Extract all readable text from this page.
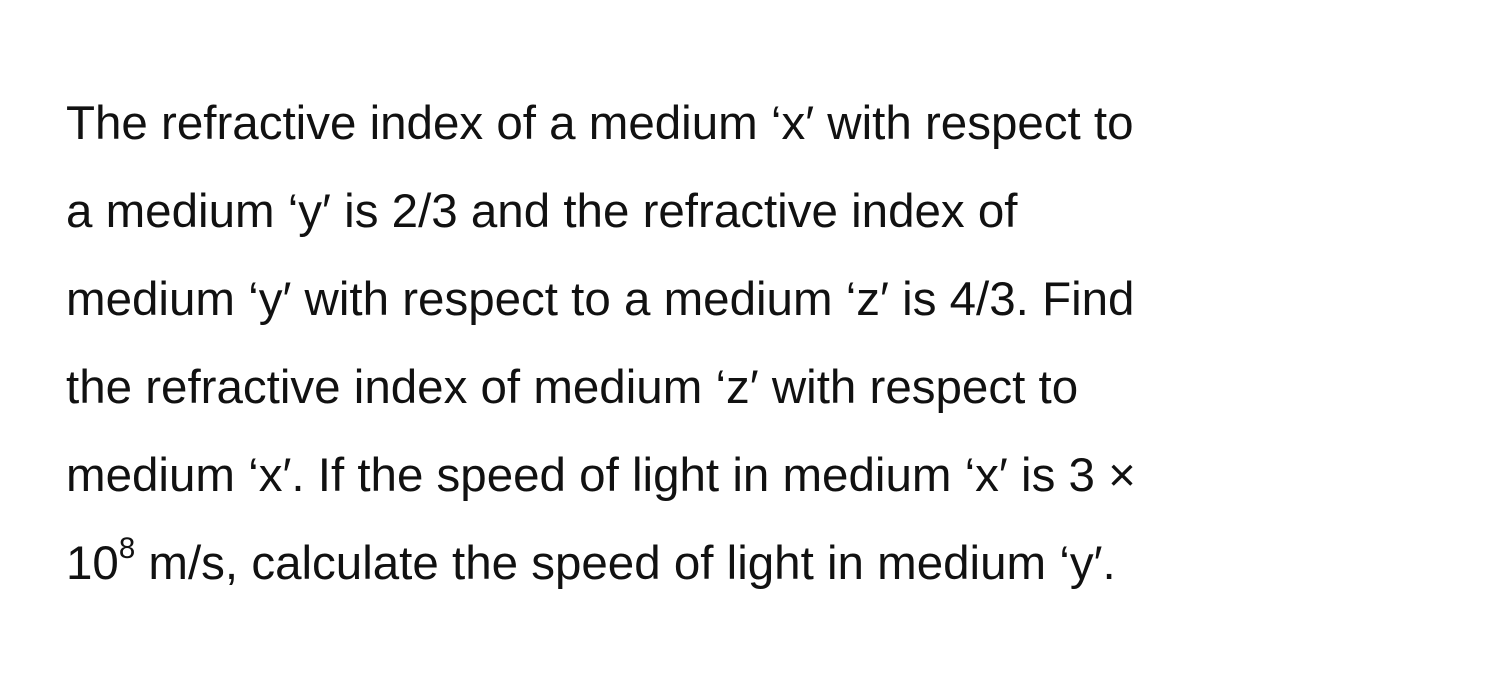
The refractive index of a medium ‘x′ with respect to
a medium ‘y′ is 2/3 and the refractive index of
medium ‘y′ with respect to a medium ‘z′ is 4/3. Find
the refractive index of medium ‘z′ with respect to
medium ‘x′. If the speed of light in medium ‘x′ is 3 ×
$10^8$ m/s, calculate the speed of light in medium ‘y′.
